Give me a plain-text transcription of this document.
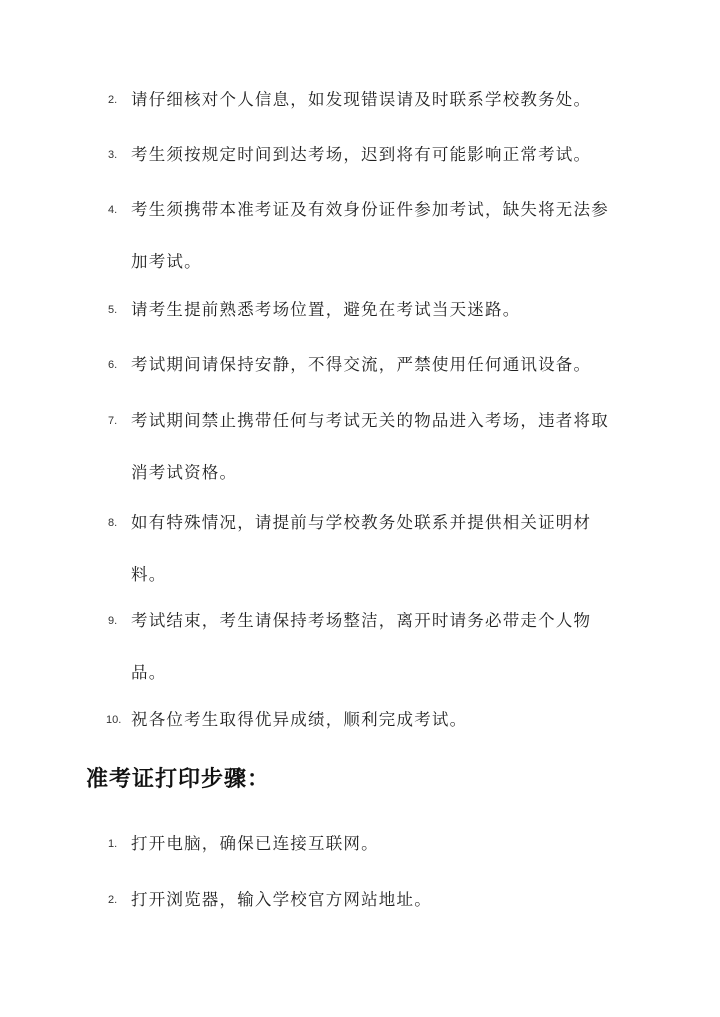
2. 请仔细核对个人信息，如发现错误请及时联系学校教务处。
3. 考生须按规定时间到达考场，迟到将有可能影响正常考试。
4. 考生须携带本准考证及有效身份证件参加考试，缺失将无法参加考试。
5. 请考生提前熟悉考场位置，避免在考试当天迷路。
6. 考试期间请保持安静，不得交流，严禁使用任何通讯设备。
7. 考试期间禁止携带任何与考试无关的物品进入考场，违者将取消考试资格。
8. 如有特殊情况，请提前与学校教务处联系并提供相关证明材料。
9. 考试结束，考生请保持考场整洁，离开时请务必带走个人物品。
10. 祝各位考生取得优异成绩，顺利完成考试。
准考证打印步骤：
1. 打开电脑，确保已连接互联网。
2. 打开浏览器，输入学校官方网站地址。
